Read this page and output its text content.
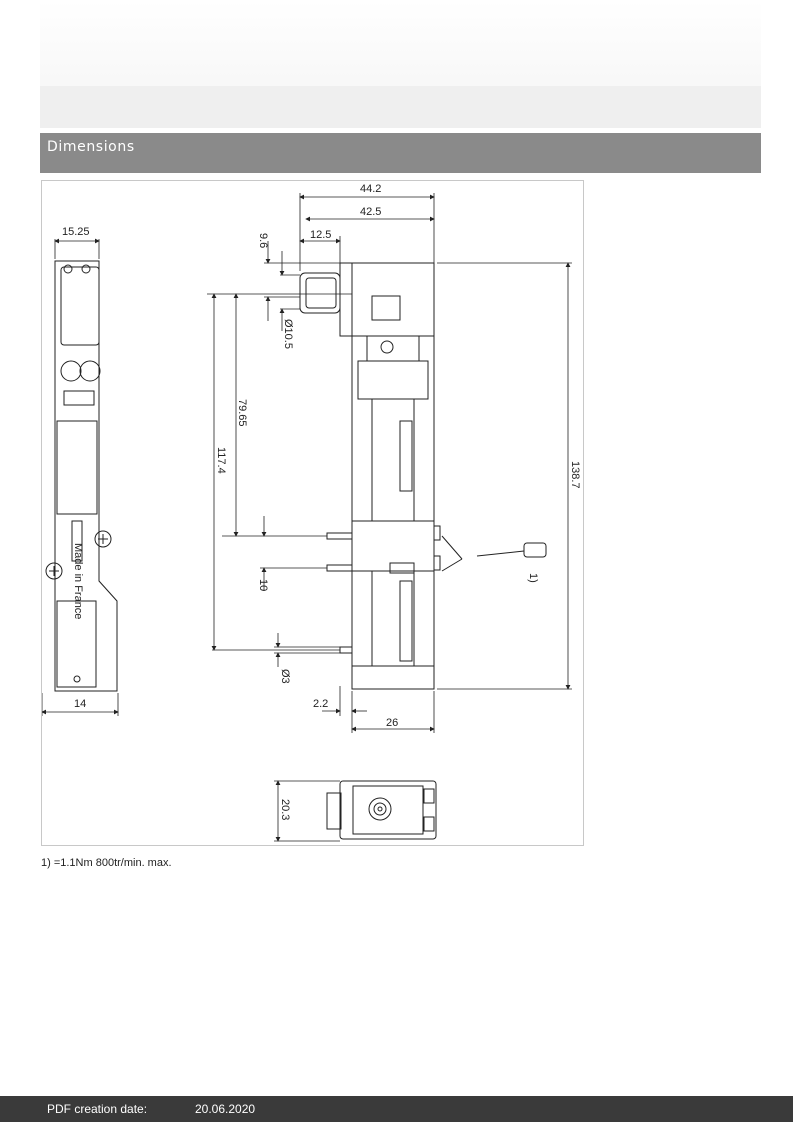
Dimensions
15.25
14
Made in France	1)
44.2
42.5
12.5
9.6
Ø10.5
79.65
117.4
138.7
10
Ø3
2.2
26
20.3
1) =1.1Nm 800tr/min. max.
PDF creation date:	20.06.2020
